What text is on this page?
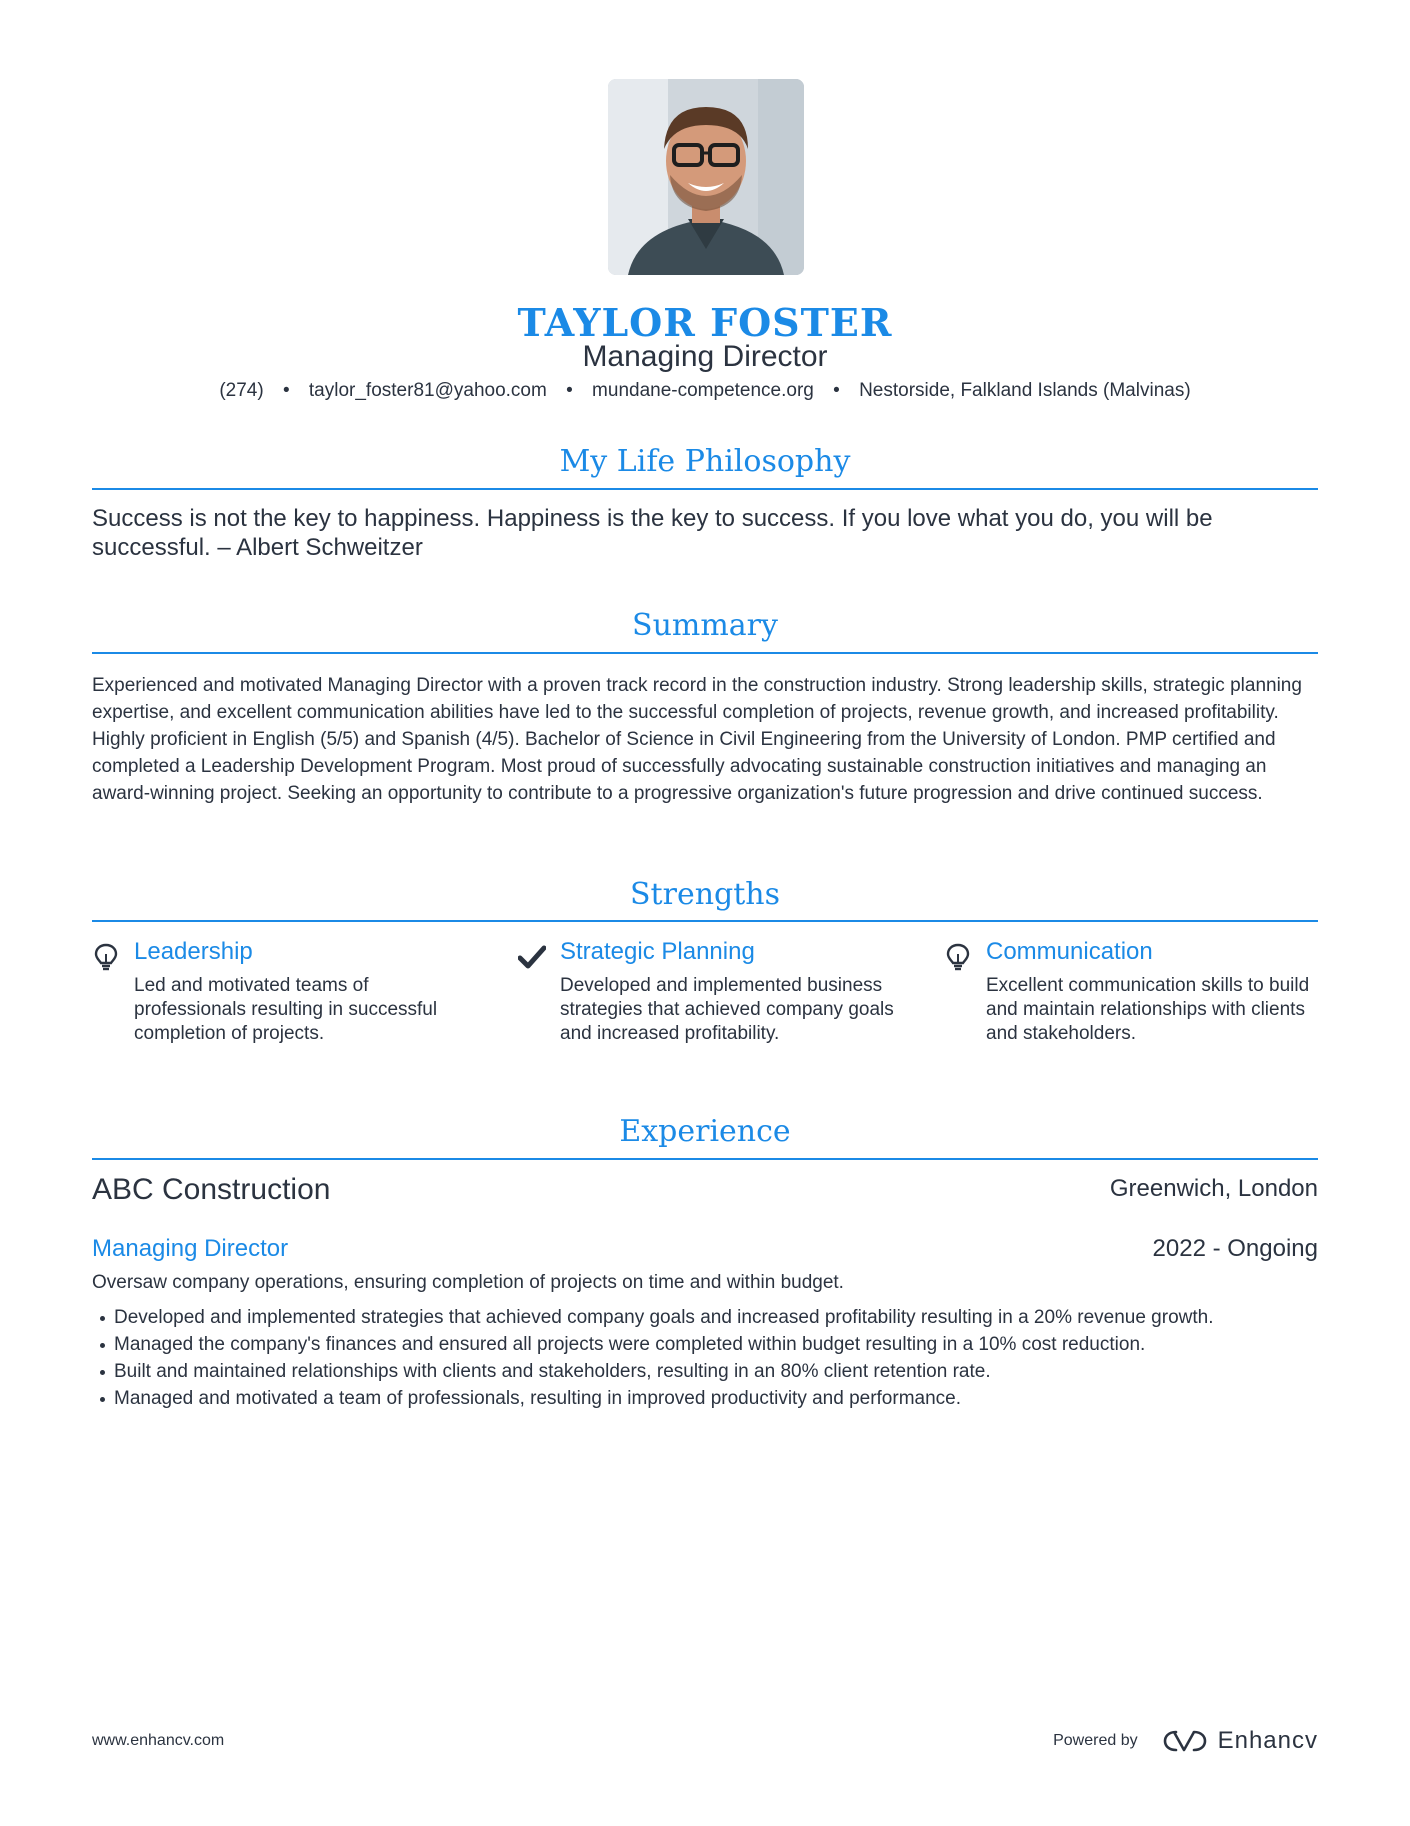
TAYLOR FOSTER
Managing Director
(274) • taylor_foster81@yahoo.com • mundane-competence.org • Nestorside, Falkland Islands (Malvinas)
My Life Philosophy
Success is not the key to happiness. Happiness is the key to success. If you love what you do, you will be successful. – Albert Schweitzer
Summary
Experienced and motivated Managing Director with a proven track record in the construction industry. Strong leadership skills, strategic planning expertise, and excellent communication abilities have led to the successful completion of projects, revenue growth, and increased profitability. Highly proficient in English (5/5) and Spanish (4/5). Bachelor of Science in Civil Engineering from the University of London. PMP certified and completed a Leadership Development Program. Most proud of successfully advocating sustainable construction initiatives and managing an award-winning project. Seeking an opportunity to contribute to a progressive organization's future progression and drive continued success.
Strengths
Leadership
Led and motivated teams of professionals resulting in successful completion of projects.
Strategic Planning
Developed and implemented business strategies that achieved company goals and increased profitability.
Communication
Excellent communication skills to build and maintain relationships with clients and stakeholders.
Experience
ABC Construction	Greenwich, London
Managing Director	2022 - Ongoing
Oversaw company operations, ensuring completion of projects on time and within budget.
Developed and implemented strategies that achieved company goals and increased profitability resulting in a 20% revenue growth.
Managed the company's finances and ensured all projects were completed within budget resulting in a 10% cost reduction.
Built and maintained relationships with clients and stakeholders, resulting in an 80% client retention rate.
Managed and motivated a team of professionals, resulting in improved productivity and performance.
www.enhancv.com	Powered by	Enhancv
